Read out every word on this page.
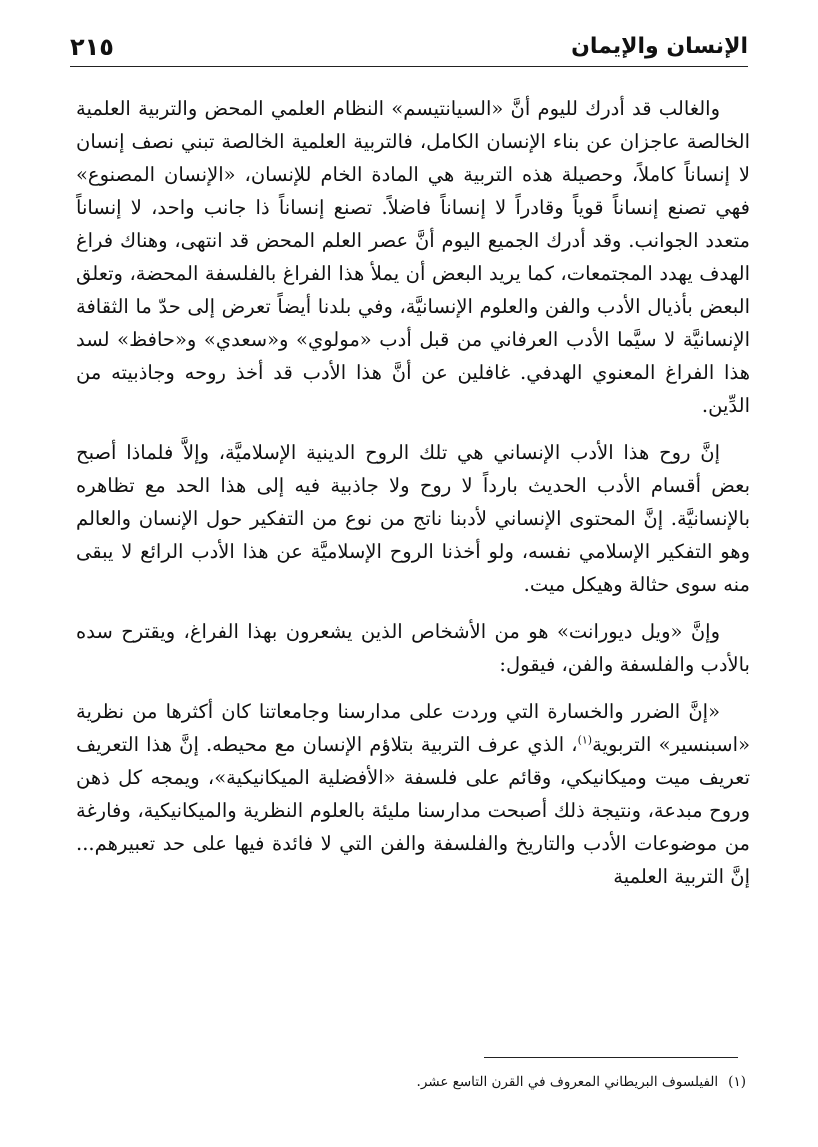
٢١٥	الإنسان والإيمان

والغالب قد أدرك لليوم أنَّ «السيانتيسم» النظام العلمي المحض والتربية العلمية الخالصة عاجزان عن بناء الإنسان الكامل، فالتربية العلمية الخالصة تبني نصف إنسان لا إنساناً كاملاً، وحصيلة هذه التربية هي المادة الخام للإنسان، «الإنسان المصنوع» فهي تصنع إنساناً قوياً وقادراً لا إنساناً فاضلاً. تصنع إنساناً ذا جانب واحد، لا إنساناً متعدد الجوانب. وقد أدرك الجميع اليوم أنَّ عصر العلم المحض قد انتهى، وهناك فراغ الهدف يهدد المجتمعات، كما يريد البعض أن يملأ هذا الفراغ بالفلسفة المحضة، وتعلق البعض بأذيال الأدب والفن والعلوم الإنسانيَّة، وفي بلدنا أيضاً تعرض إلى حدّ ما الثقافة الإنسانيَّة لا سيَّما الأدب العرفاني من قبل أدب «مولوي» و«سعدي» و«حافظ» لسد هذا الفراغ المعنوي الهدفي. غافلين عن أنَّ هذا الأدب قد أخذ روحه وجاذبيته من الدِّين.

إنَّ روح هذا الأدب الإنساني هي تلك الروح الدينية الإسلاميَّة، وإلاَّ فلماذا أصبح بعض أقسام الأدب الحديث بارداً لا روح ولا جاذبية فيه إلى هذا الحد مع تظاهره بالإنسانيَّة. إنَّ المحتوى الإنساني لأدبنا ناتج من نوع من التفكير حول الإنسان والعالم وهو التفكير الإسلامي نفسه، ولو أخذنا الروح الإسلاميَّة عن هذا الأدب الرائع لا يبقى منه سوى حثالة وهيكل ميت.

وإنَّ «ويل ديورانت» هو من الأشخاص الذين يشعرون بهذا الفراغ، ويقترح سده بالأدب والفلسفة والفن، فيقول:

«إنَّ الضرر والخسارة التي وردت على مدارسنا وجامعاتنا كان أكثرها من نظرية «اسبنسير» التربوية$^{(١)}$، الذي عرف التربية بتلاؤم الإنسان مع محيطه. إنَّ هذا التعريف تعريف ميت وميكانيكي، وقائم على فلسفة «الأفضلية الميكانيكية»، ويمجه كل ذهن وروح مبدعة، ونتيجة ذلك أصبحت مدارسنا مليئة بالعلوم النظرية والميكانيكية، وفارغة من موضوعات الأدب والتاريخ والفلسفة والفن التي لا فائدة فيها على حد تعبيرهم... إنَّ التربية العلمية

(١)الفيلسوف البريطاني المعروف في القرن التاسع عشر.
